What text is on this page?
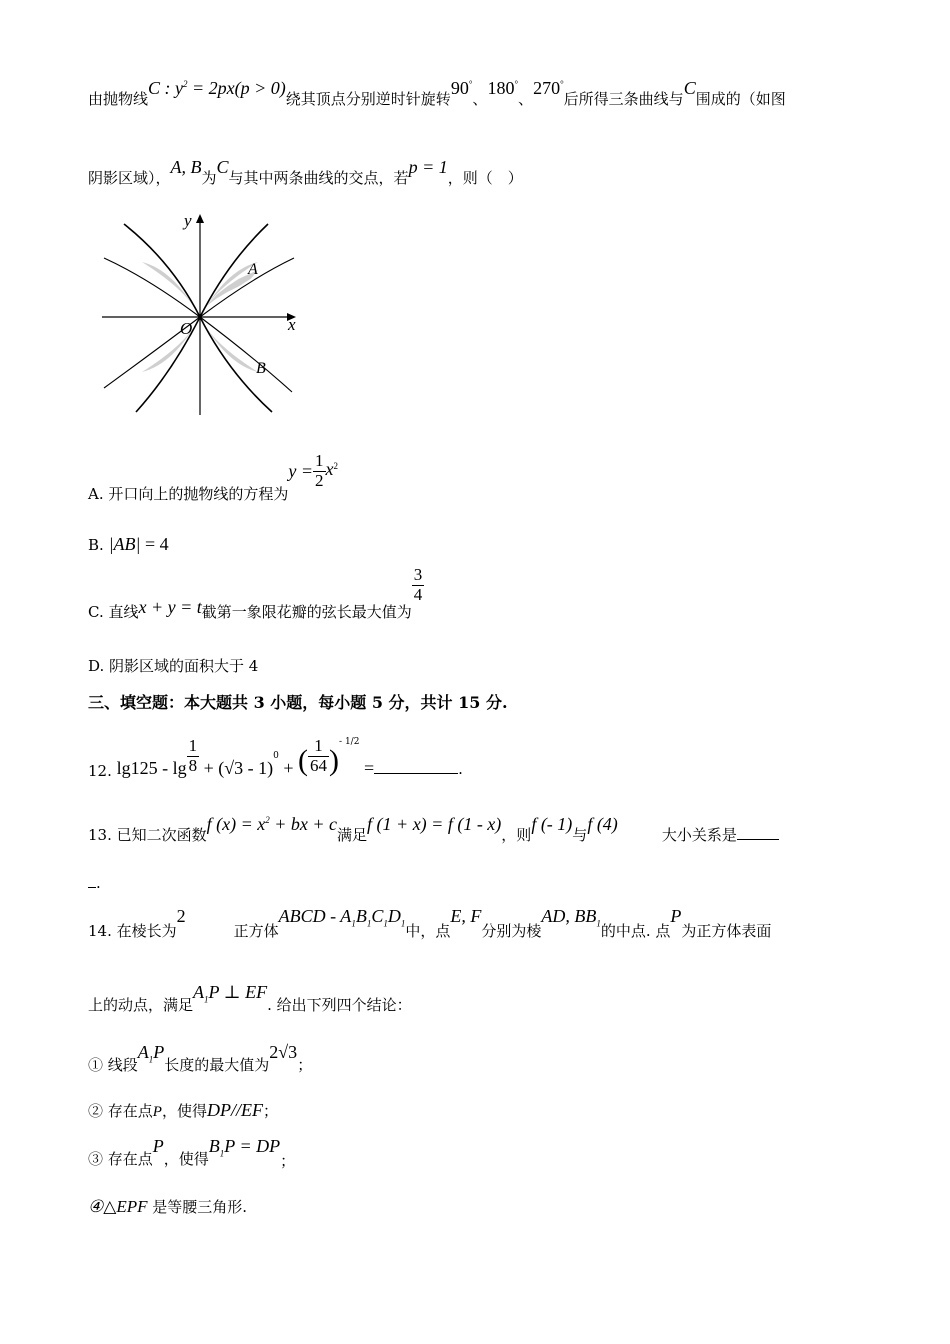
由抛物线C : $y^2 = 2px(p > 0)$绕其顶点分别逆时针旋转90°、180°、270°后所得三条曲线与C围成的（如图
阴影区域），A, B为C与其中两条曲线的交点，若p = 1，则（　）
y
x
O
A
B
A. 开口向上的抛物线的方程为$y = \frac{1}{2} x^2$
B. |AB| = 4
C. 直线x + y = t截第一象限花瓣的弦长最大值为
$\frac{3}{4}$
D. 阴影区域的面积大于 4
三、填空题：本大题共 3 小题，每小题 5 分，共计 15 分.
12. $\lg 125 - \lg \frac{1}{8} + (√3 - 1)^0$ + ( $\frac{1}{64} )^{- 1/2}$ =	.
13. 已知二次函数f $(x) = x^2$ + bx + c满足f (1 + x) = f (1 - x)，则f (- 1)与f (4)大小关系是
.
14. 在棱长为2正方体ABCD - $A_1B_1C_1D_1$中，点E, F分别为棱AD, $BB_1$的中点. 点P为正方体表面
上的动点，满足$A_1P$ ⊥ EF. 给出下列四个结论：
① 线段$A_1P$长度的最大值为2√3；
② 存在点P，使得DP//EF；
③ 存在点P，使得$B_1P$ = DP；
④△EPF 是等腰三角形.
